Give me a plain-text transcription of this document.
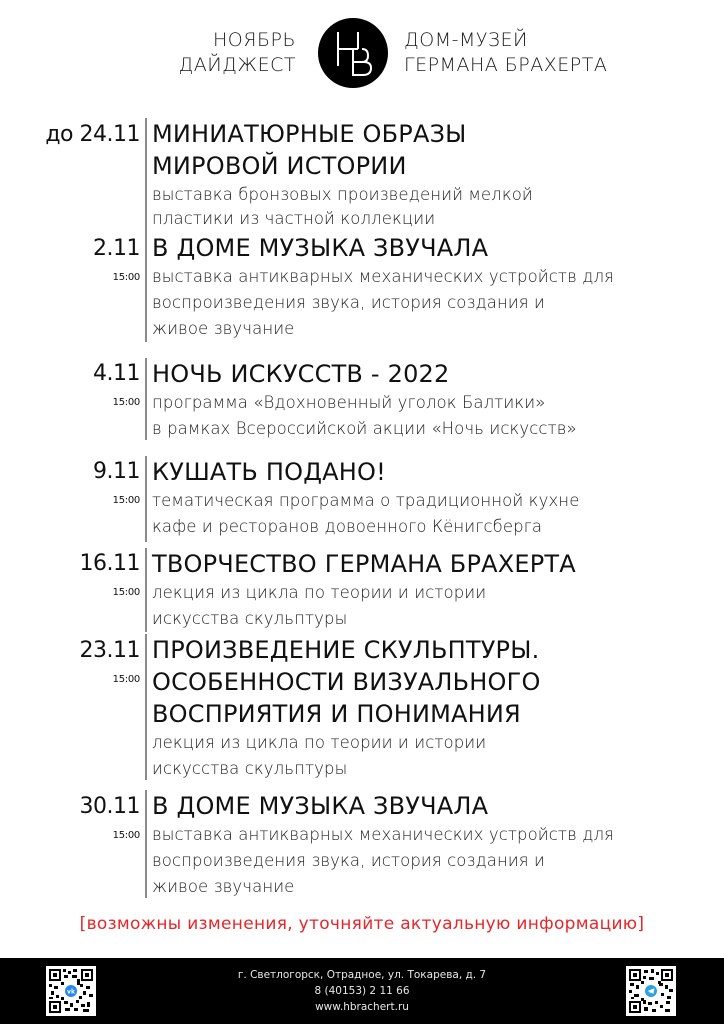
НОЯБРЬ
ДАЙДЖЕСТ
ДОМ-МУЗЕЙ
ГЕРМАНА БРАХЕРТА
до 24.11 МИНИАТЮРНЫЕ ОБРАЗЫ
МИРОВОЙ ИСТОРИИ
выставка бронзовых произведений мелкой
пластики из частной коллекции
2.11
15:00
В ДОМЕ МУЗЫКА ЗВУЧАЛА
выставка антикварных механических устройств для
воспроизведения звука, история создания и
живое звучание
4.11
15:00
НОЧЬ ИСКУССТВ - 2022
программа «Вдохновенный уголок Балтики»
в рамках Всероссийской акции «Ночь искусств»
9.11
15:00
КУШАТЬ ПОДАНО!
тематическая программа о традиционной кухне
кафе и ресторанов довоенного Кёнигсберга
16.11
15:00
ТВОРЧЕСТВО ГЕРМАНА БРАХЕРТА
лекция из цикла по теории и истории
искусства скульптуры
23.11
15:00
ПРОИЗВЕДЕНИЕ СКУЛЬПТУРЫ.
ОСОБЕННОСТИ ВИЗУАЛЬНОГО
ВОСПРИЯТИЯ И ПОНИМАНИЯ
лекция из цикла по теории и истории
искусства скульптуры
30.11
15:00
В ДОМЕ МУЗЫКА ЗВУЧАЛА
выставка антикварных механических устройств для
воспроизведения звука, история создания и
живое звучание
[возможны изменения, уточняйте актуальную информацию]
vk
г. Светлогорск, Отрадное, ул. Токарева, д. 7
8 (40153) 2 11 66
www.hbrachert.ru
